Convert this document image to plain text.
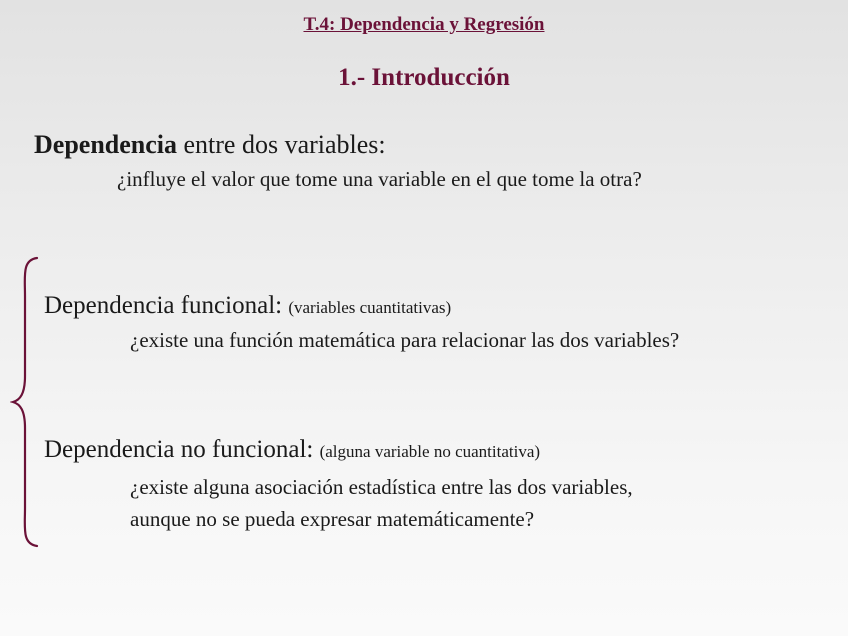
T.4: Dependencia y Regresión
1.- Introducción
Dependencia entre dos variables:
¿influye el valor que tome una variable en el que tome la otra?
Dependencia funcional: (variables cuantitativas)
¿existe una función matemática para relacionar las dos variables?
Dependencia no funcional: (alguna variable no cuantitativa)
¿existe alguna asociación estadística entre las dos variables,
aunque no se pueda expresar matemáticamente?
